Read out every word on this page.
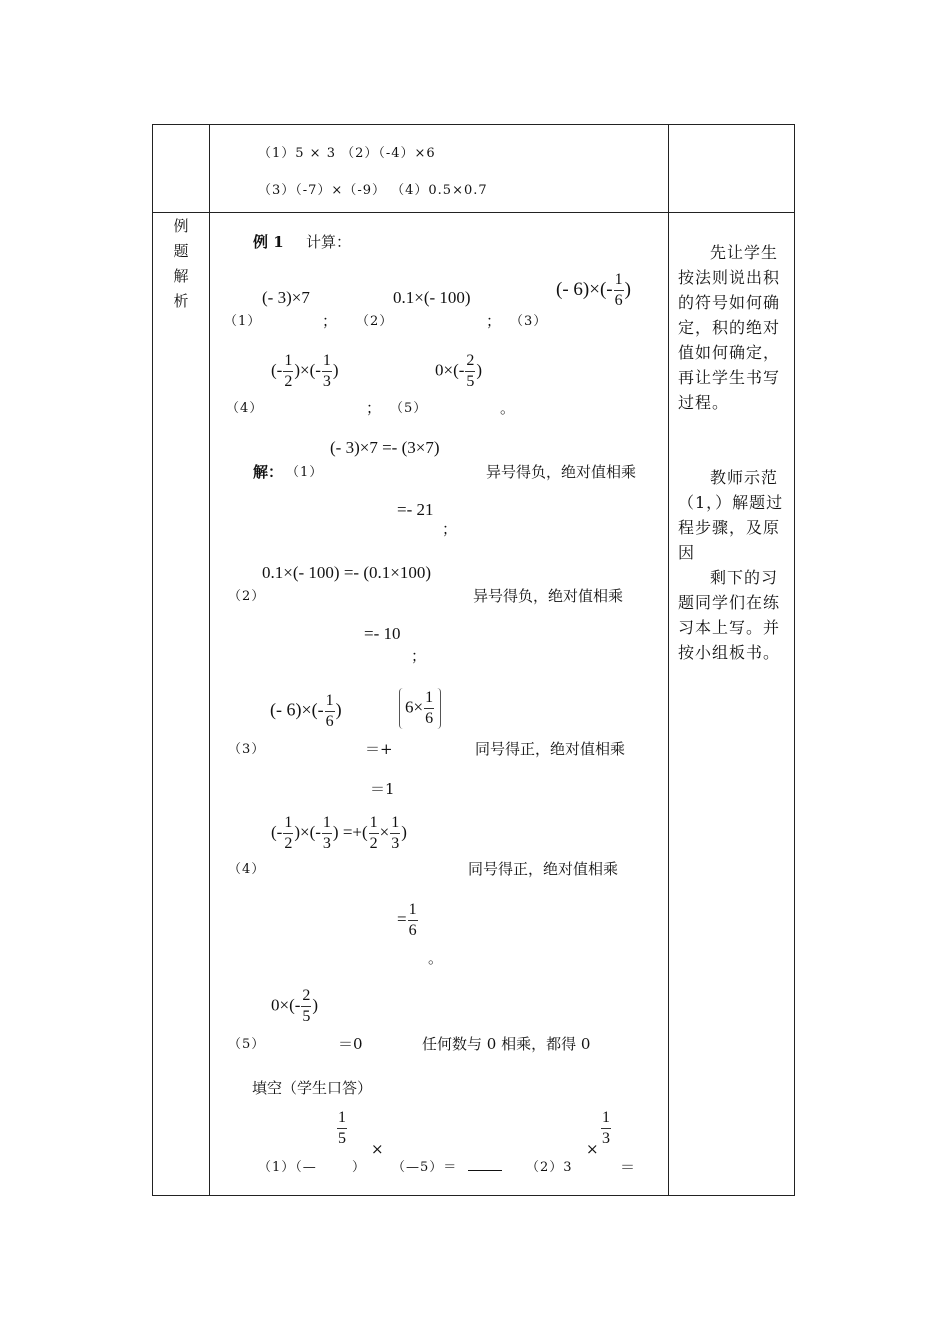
（1）5 × 3 （2）（-4）×6
（3）（-7）×（-9） （4）0.5×0.7
例题解析
例 1 计算：
（1）
(- 3)×7
； （2）
0.1×(- 100)
； （3）
(- $6)\times(- \frac{1}{6}$ )
（4）
(- $\frac{1}{2}$ )×(- $\frac{1}{3}$ )
； （5）
$0\times(- \frac{2}{5}$ )
。
(- 3)×7 =- (3×7)
解： （1）	异号得负，绝对值相乘
=- 21
；
0.1×(- 100) =- (0.1×100)
（2）	异号得负，绝对值相乘
=- 10
；
(- $6)\times(- \frac{1}{6}$ )	$6\times \frac{1}{6}$
（3）	＝+	同号得正，绝对值相乘
＝1
(- $\frac{1}{2}$ )×(- $\frac{1}{3}$ ) =+( $\frac{1}{2} \times \frac{1}{3}$ )
（4）	同号得正，绝对值相乘
= $\frac{1}{6}$
。
$0\times(- \frac{2}{5}$ )
（5）	＝0	任何数与 0 相乘，都得 0
填空（学生口答）
$\frac{1}{5}$
×
（1）（—	） （—5）＝	（2）3
×
$\frac{1}{3}$
＝
先让学生按法则说出积的符号如何确定，积的绝对值如何确定，再让学生书写过程。
教师示范（1，）解题过程步骤，及原因
剩下的习题同学们在练习本上写。并按小组板书。
